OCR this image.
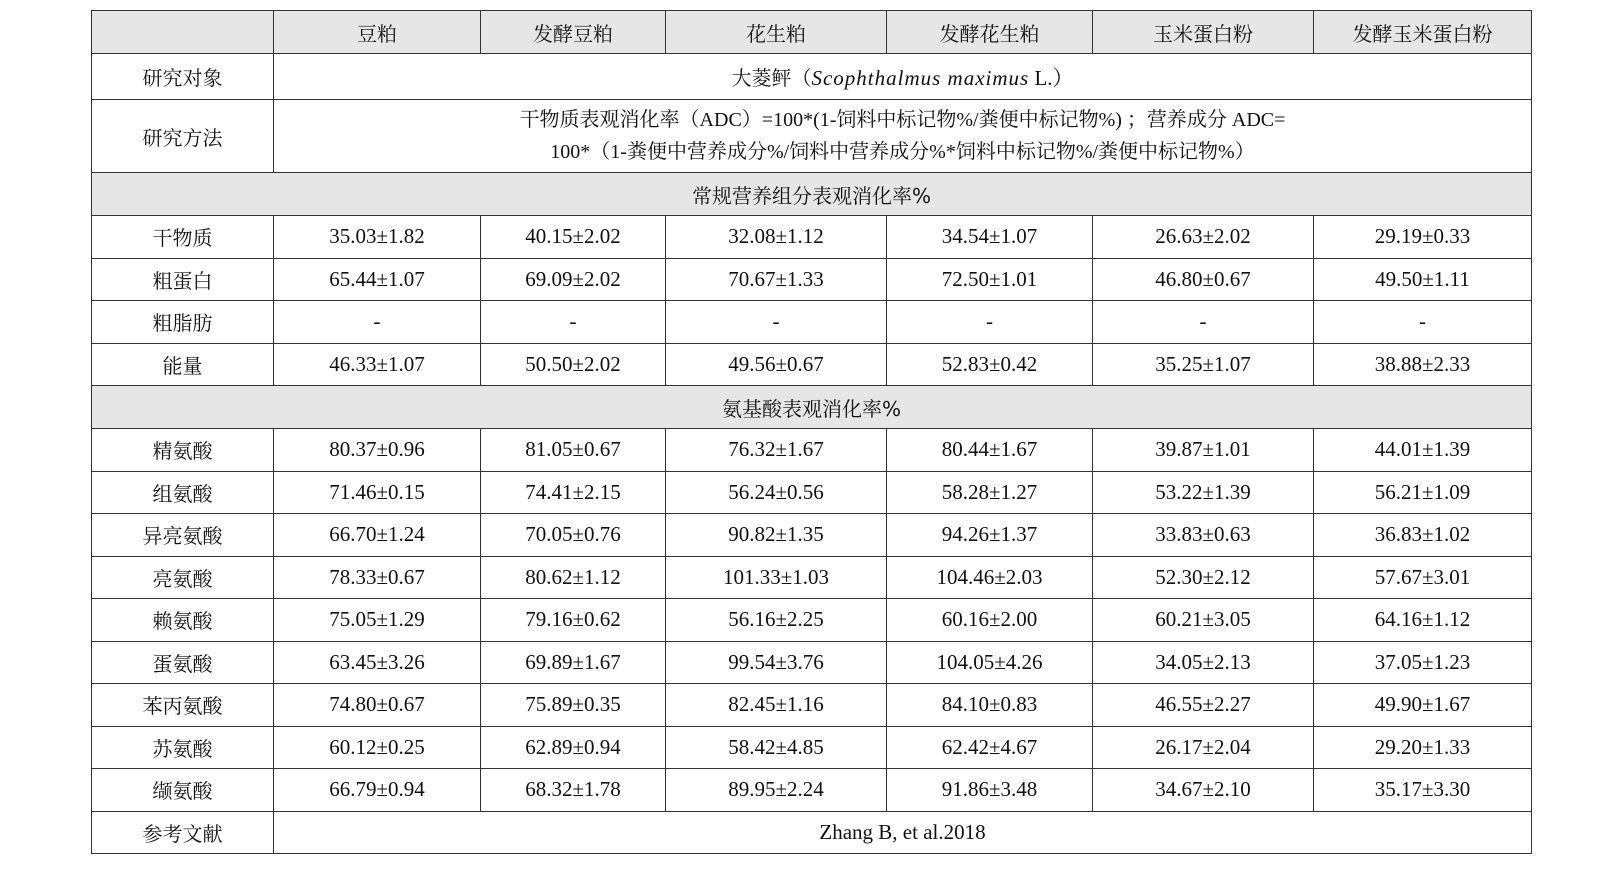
	豆粕	发酵豆粕	花生粕	发酵花生粕	玉米蛋白粉	发酵玉米蛋白粉
研究对象	大菱鲆（Scophthalmus maximus L.）					
研究方法	干物质表观消化率（ADC）=100*(1-饲料中标记物%/粪便中标记物%) ；营养成分 ADC=
100*（1-粪便中营养成分%/饲料中营养成分%*饲料中标记物%/粪便中标记物%）					

常规营养组分表观消化率%						
干物质	35.03±1.82	40.15±2.02	32.08±1.12	34.54±1.07	26.63±2.02	29.19±0.33
粗蛋白	65.44±1.07	69.09±2.02	70.67±1.33	72.50±1.01	46.80±0.67	49.50±1.11
粗脂肪	-	-	-	-	-	-
能量	46.33±1.07	50.50±2.02	49.56±0.67	52.83±0.42	35.25±1.07	38.88±2.33
氨基酸表观消化率%						
精氨酸	80.37±0.96	81.05±0.67	76.32±1.67	80.44±1.67	39.87±1.01	44.01±1.39
组氨酸	71.46±0.15	74.41±2.15	56.24±0.56	58.28±1.27	53.22±1.39	56.21±1.09
异亮氨酸	66.70±1.24	70.05±0.76	90.82±1.35	94.26±1.37	33.83±0.63	36.83±1.02
亮氨酸	78.33±0.67	80.62±1.12	101.33±1.03	104.46±2.03	52.30±2.12	57.67±3.01
赖氨酸	75.05±1.29	79.16±0.62	56.16±2.25	60.16±2.00	60.21±3.05	64.16±1.12
蛋氨酸	63.45±3.26	69.89±1.67	99.54±3.76	104.05±4.26	34.05±2.13	37.05±1.23
苯丙氨酸	74.80±0.67	75.89±0.35	82.45±1.16	84.10±0.83	46.55±2.27	49.90±1.67
苏氨酸	60.12±0.25	62.89±0.94	58.42±4.85	62.42±4.67	26.17±2.04	29.20±1.33
缬氨酸	66.79±0.94	68.32±1.78	89.95±2.24	91.86±3.48	34.67±2.10	35.17±3.30
参考文献	Zhang B, et al.2018					
